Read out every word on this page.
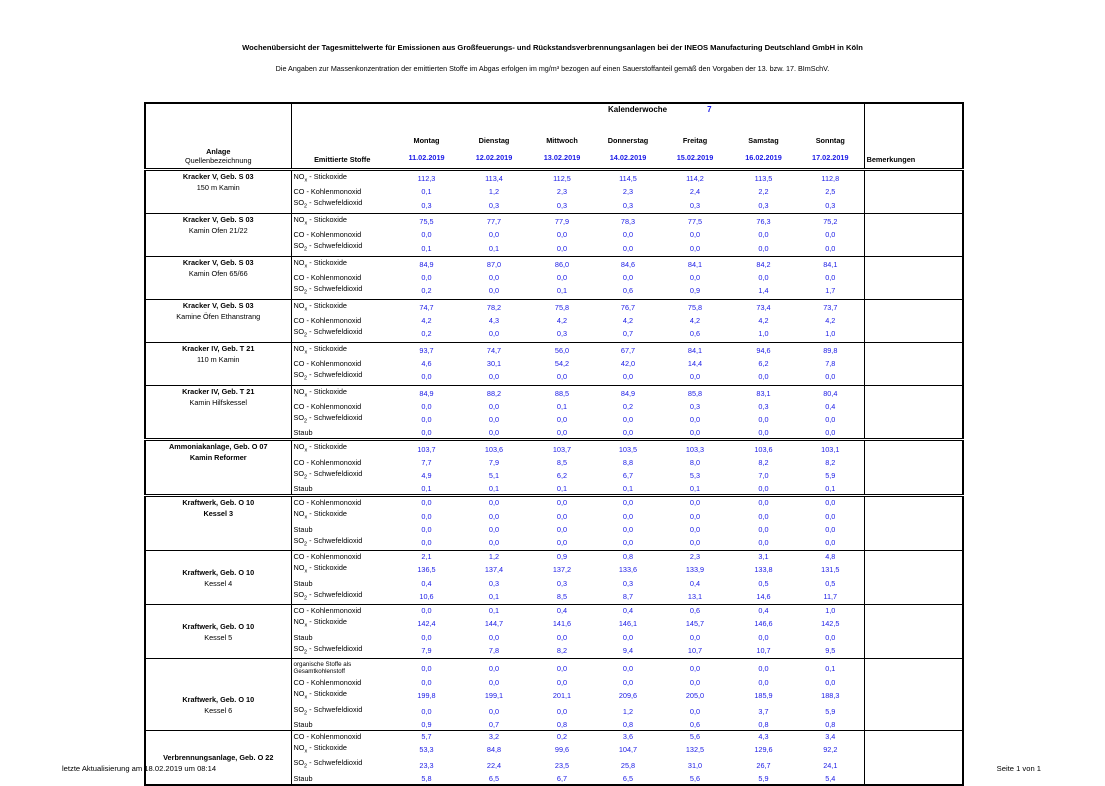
Wochenübersicht der Tagesmittelwerte für Emissionen aus Großfeuerungs- und Rückstandsverbrennungsanlagen bei der INEOS Manufacturing Deutschland GmbH in Köln
Die Angaben zur Massenkonzentration der emittierten Stoffe im Abgas erfolgen im mg/m³ bezogen auf einen Sauerstoffanteil gemäß den Vorgaben der 13. bzw. 17. BImSchV.
Anlage
Quellenbezeichnung	Emittierte Stoffe	Kalenderwoche 7							Bemerkungen
		Montag	Dienstag	Mittwoch	Donnerstag	Freitag	Samstag	Sonntag	
		11.02.2019	12.02.2019	13.02.2019	14.02.2019	15.02.2019	16.02.2019	17.02.2019	

Kracker V, Geb. S 03
150 m Kamin	$NO_x$ - Stickoxide	112,3	113,4	112,5	114,5	114,2	113,5	112,8	
	CO - Kohlenmonoxid	0,1	1,2	2,3	2,3	2,4	2,2	2,5	
	$SO_2$ - Schwefeldioxid	0,3	0,3	0,3	0,3	0,3	0,3	0,3	

Kracker V, Geb. S 03
Kamin Ofen 21/22	$NO_x$ - Stickoxide	75,5	77,7	77,9	78,3	77,5	76,3	75,2	
	CO - Kohlenmonoxid	0,0	0,0	0,0	0,0	0,0	0,0	0,0	
	$SO_2$ - Schwefeldioxid	0,1	0,1	0,0	0,0	0,0	0,0	0,0	

Kracker V, Geb. S 03
Kamin Ofen 65/66	$NO_x$ - Stickoxide	84,9	87,0	86,0	84,6	84,1	84,2	84,1	
	CO - Kohlenmonoxid	0,0	0,0	0,0	0,0	0,0	0,0	0,0	
	$SO_2$ - Schwefeldioxid	0,2	0,0	0,1	0,6	0,9	1,4	1,7	

Kracker V, Geb. S 03
Kamine Öfen Ethanstrang	$NO_x$ - Stickoxide	74,7	78,2	75,8	76,7	75,8	73,4	73,7	
	CO - Kohlenmonoxid	4,2	4,3	4,2	4,2	4,2	4,2	4,2	
	$SO_2$ - Schwefeldioxid	0,2	0,0	0,3	0,7	0,6	1,0	1,0	

Kracker IV, Geb. T 21
110 m Kamin	$NO_x$ - Stickoxide	93,7	74,7	56,0	67,7	84,1	94,6	89,8	
	CO - Kohlenmonoxid	4,6	30,1	54,2	42,0	14,4	6,2	7,8	
	$SO_2$ - Schwefeldioxid	0,0	0,0	0,0	0,0	0,0	0,0	0,0	

Kracker IV, Geb. T 21
Kamin Hilfskessel	$NO_x$ - Stickoxide	84,9	88,2	88,5	84,9	85,8	83,1	80,4	
	CO - Kohlenmonoxid	0,0	0,0	0,1	0,2	0,3	0,3	0,4	
	$SO_2$ - Schwefeldioxid	0,0	0,0	0,0	0,0	0,0	0,0	0,0	
	Staub	0,0	0,0	0,0	0,0	0,0	0,0	0,0	

Ammoniakanlage, Geb. O 07
Kamin Reformer	$NO_x$ - Stickoxide	103,7	103,6	103,7	103,5	103,3	103,6	103,1	
	CO - Kohlenmonoxid	7,7	7,9	8,5	8,8	8,0	8,2	8,2	
	$SO_2$ - Schwefeldioxid	4,9	5,1	6,2	6,7	5,3	7,0	5,9	
	Staub	0,1	0,1	0,1	0,1	0,1	0,0	0,1	

Kraftwerk, Geb. O 10
Kessel 3	CO - Kohlenmonoxid	0,0	0,0	0,0	0,0	0,0	0,0	0,0	
	$NO_x$ - Stickoxide	0,0	0,0	0,0	0,0	0,0	0,0	0,0	
	Staub	0,0	0,0	0,0	0,0	0,0	0,0	0,0	
	$SO_2$ - Schwefeldioxid	0,0	0,0	0,0	0,0	0,0	0,0	0,0	

Kraftwerk, Geb. O 10
Kessel 4	CO - Kohlenmonoxid	2,1	1,2	0,9	0,8	2,3	3,1	4,8	
	$NO_x$ - Stickoxide	136,5	137,4	137,2	133,6	133,9	133,8	131,5	
	Staub	0,4	0,3	0,3	0,3	0,4	0,5	0,5	
	$SO_2$ - Schwefeldioxid	10,6	0,1	8,5	8,7	13,1	14,6	11,7	

Kraftwerk, Geb. O 10
Kessel 5	CO - Kohlenmonoxid	0,0	0,1	0,4	0,4	0,6	0,4	1,0	
	$NO_x$ - Stickoxide	142,4	144,7	141,6	146,1	145,7	146,6	142,5	
	Staub	0,0	0,0	0,0	0,0	0,0	0,0	0,0	
	$SO_2$ - Schwefeldioxid	7,9	7,8	8,2	9,4	10,7	10,7	9,5	

Kraftwerk, Geb. O 10
Kessel 6	organische Stoffe als Gesamtkohlenstoff	0,0	0,0	0,0	0,0	0,0	0,0	0,1	
	CO - Kohlenmonoxid	0,0	0,0	0,0	0,0	0,0	0,0	0,0	
	$NO_x$ - Stickoxide	199,8	199,1	201,1	209,6	205,0	185,9	188,3	
	$SO_2$ - Schwefeldioxid	0,0	0,0	0,0	1,2	0,0	3,7	5,9	
	Staub	0,9	0,7	0,8	0,8	0,6	0,8	0,8	

Verbrennungsanlage, Geb. O 22	CO - Kohlenmonoxid	5,7	3,2	0,2	3,6	5,6	4,3	3,4	
	$NO_x$ - Stickoxide	53,3	84,8	99,6	104,7	132,5	129,6	92,2	
	$SO_2$ - Schwefeldioxid	23,3	22,4	23,5	25,8	31,0	26,7	24,1	
	Staub	5,8	6,5	6,7	6,5	5,6	5,9	5,4	
letzte Aktualisierung am 18.02.2019 um 08:14	Seite 1 von 1
